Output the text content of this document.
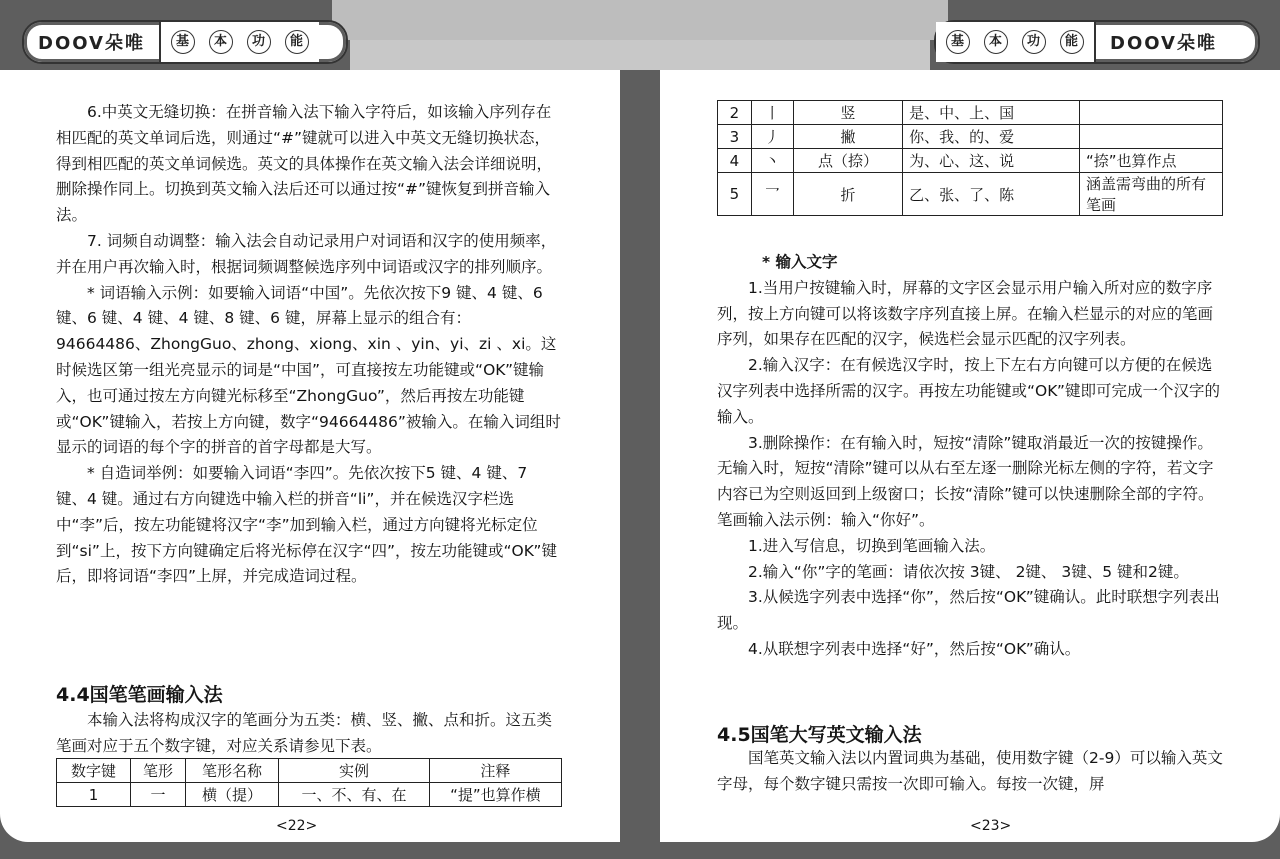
DOOV朵唯	基	本	功	能	基	本	功	能	DOOV朵唯

6.中英文无缝切换：在拼音输入法下输入字符后，如该输入序列存在相匹配的英文单词后选，则通过“#”键就可以进入中英文无缝切换状态，得到相匹配的英文单词候选。英文的具体操作在英文输入法会详细说明，删除操作同上。切换到英文输入法后还可以通过按“#”键恢复到拼音输入法。

7. 词频自动调整：输入法会自动记录用户对词语和汉字的使用频率，并在用户再次输入时，根据词频调整候选序列中词语或汉字的排列顺序。

* 词语输入示例：如要输入词语“中国”。先依次按下9 键、4 键、6 键、6 键、4 键、4 键、8 键、6 键，屏幕上显示的组合有：94664486、ZhongGuo、zhong、xiong、xin 、yin、yi、zi 、xi。这时候选区第一组光亮显示的词是“中国”，可直接按左功能键或“OK”键输入，也可通过按左方向键光标移至“ZhongGuo”，然后再按左功能键或“OK”键输入，若按上方向键，数字“94664486”被输入。在输入词组时显示的词语的每个字的拼音的首字母都是大写。

* 自造词举例：如要输入词语“李四”。先依次按下5 键、4 键、7 键、4 键。通过右方向键选中输入栏的拼音“li”，并在候选汉字栏选中“李”后，按左功能键将汉字“李”加到输入栏，通过方向键将光标定位到“si”上，按下方向键确定后将光标停在汉字“四”，按左功能键或“OK”键后，即将词语“李四”上屏，并完成造词过程。

4.4国笔笔画输入法

本输入法将构成汉字的笔画分为五类：横、竖、撇、点和折。这五类笔画对应于五个数字键，对应关系请参见下表。

数字键	笔形	笔形名称	实例	注释
1	一	横（提）	一、不、有、在	“提”也算作横
<22>
2	丨	竖	是、中、上、国	
3	丿	撇	你、我、的、爱	
4	丶	点（捺）	为、心、这、说	“捺”也算作点
5	乛	折	乙、张、了、陈	涵盖需弯曲的所有笔画

* 输入文字

1.当用户按键输入时，屏幕的文字区会显示用户输入所对应的数字序列，按上方向键可以将该数字序列直接上屏。在输入栏显示的对应的笔画序列，如果存在匹配的汉字，候选栏会显示匹配的汉字列表。

2.输入汉字：在有候选汉字时，按上下左右方向键可以方便的在候选汉字列表中选择所需的汉字。再按左功能键或“OK”键即可完成一个汉字的输入。

3.删除操作：在有输入时，短按“清除”键取消最近一次的按键操作。无输入时，短按“清除”键可以从右至左逐一删除光标左侧的字符，若文字内容已为空则返回到上级窗口；长按“清除”键可以快速删除全部的字符。　笔画输入法示例：输入“你好”。

1.进入写信息，切换到笔画输入法。

2.输入“你”字的笔画：请依次按 3键、 2键、 3键、5 键和2键。

3.从候选字列表中选择“你”，然后按“OK”键确认。此时联想字列表出现。

4.从联想字列表中选择“好”，然后按“OK”确认。

4.5国笔大写英文输入法

国笔英文输入法以内置词典为基础，使用数字键（2-9）可以输入英文字母，每个数字键只需按一次即可输入。每按一次键，屏

<23>
